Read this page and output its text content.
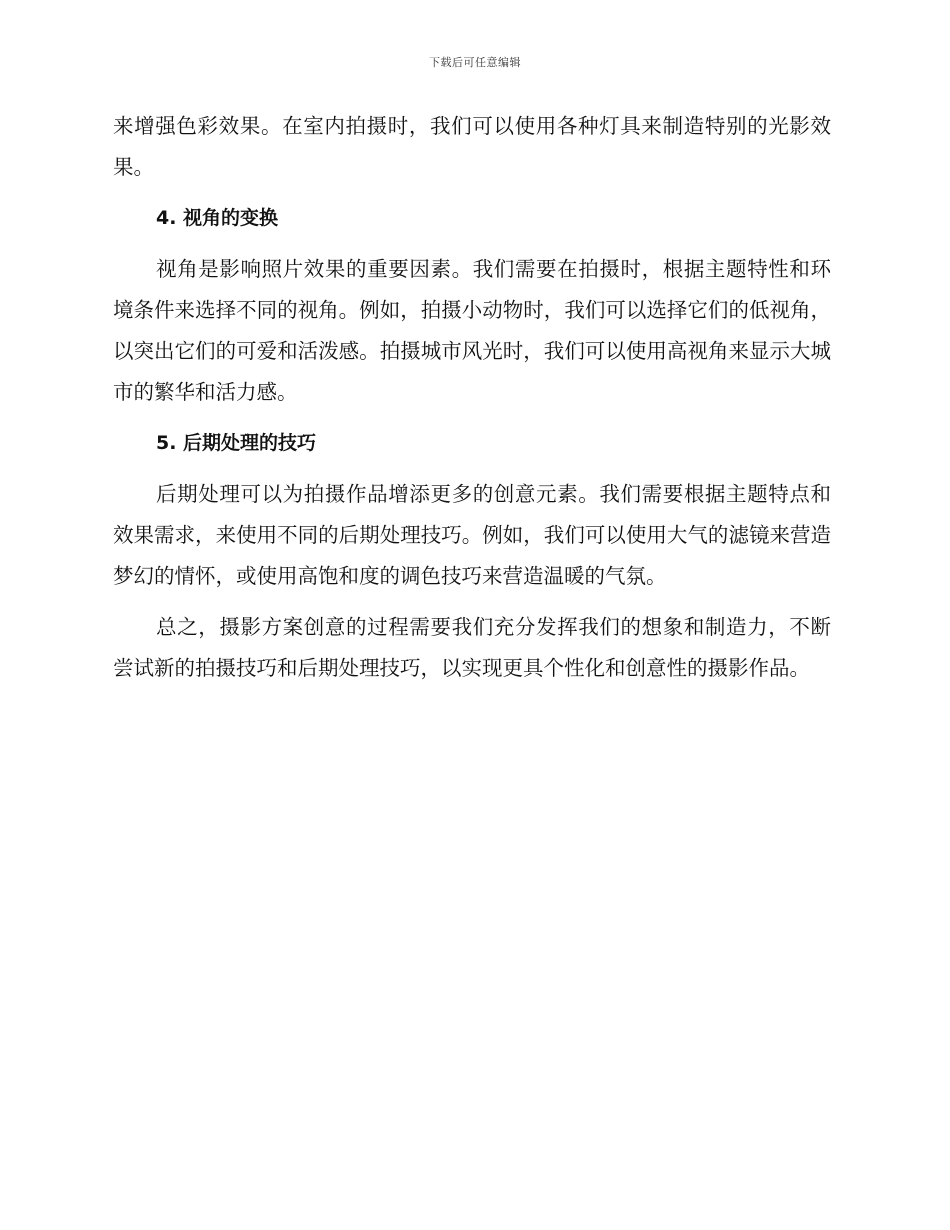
下载后可任意编辑

来增强色彩效果。在室内拍摄时，我们可以使用各种灯具来制造特别的光影效果。

4. 视角的变换

视角是影响照片效果的重要因素。我们需要在拍摄时，根据主题特性和环境条件来选择不同的视角。例如，拍摄小动物时，我们可以选择它们的低视角，以突出它们的可爱和活泼感。拍摄城市风光时，我们可以使用高视角来显示大城市的繁华和活力感。

5. 后期处理的技巧

后期处理可以为拍摄作品增添更多的创意元素。我们需要根据主题特点和效果需求，来使用不同的后期处理技巧。例如，我们可以使用大气的滤镜来营造梦幻的情怀，或使用高饱和度的调色技巧来营造温暖的气氛。

总之，摄影方案创意的过程需要我们充分发挥我们的想象和制造力，不断尝试新的拍摄技巧和后期处理技巧，以实现更具个性化和创意性的摄影作品。
